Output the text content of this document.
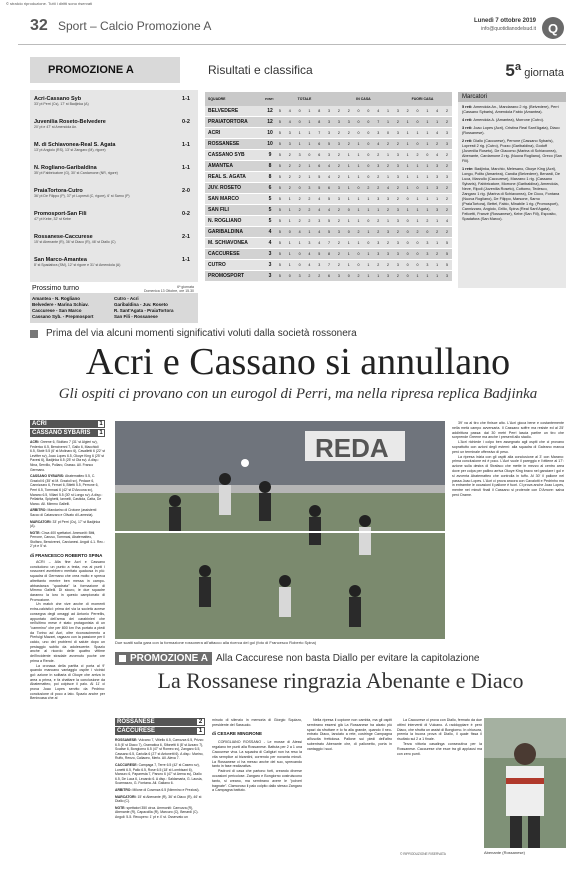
© stralcio riproduzione. Tutti i diritti sono riservati
32 Sport – Calcio Promozione A	Lunedì 7 ottobre 2019
info@quotidianodelsud.it Q
PROMOZIONE A	Risultati e classifica	5ª giornata
Acri-Cassano Syb	1-1
33' pt Perri (Cs), 17' st Badjinka (A)
Juvenilia Roseto-Belvedere	0-2
20' pt e 47' st Amendola An.
M. di Schiavonea-Real S. Agata	1-1
13' pt Angiolo (RS), 13' st Zangaro (M), rigore)
N. Rogliano-Garibaldina	1-1
35' pt Fabbricatore (G), 30' st Cardamone (NR, rigore)
PraiaTortora-Cutro	2-0
36' pt De Filippo (P), 37' pt Lopresti (C, rigore), 6' st Sarno (P)
Promosport-San Fili	0-2
47' pt Kebe, 32' st Kebe
Rossanese-Caccurese	2-1
15' st Abenante (R), 36' st Diaco (R), 46' st Diallo (C)
San Marco-Amantea	1-1
8' st Spadafora (SM), 12' st rigore e 31' st Amendola (A)
Prossimo turno	6ª giornata
Domenica 13 Ottobre, ore 15.30
Amantea - N. Rogliano	Cutro - Acri
Belvedere - Marina Schiav.	Garibaldina - Juv. Roseto
Caccurese - San Marco	R. Sant'Agata - PraiaTortora
Cassano Syb. - Prepmosport	San Fili - Rossanese
SQUADRE	PUNTI	TOTALE	IN CASA	FUORI CASA
BELVEDERE	12	5	4	0	1	8	3	2	2	0	0	4	1	3	2	0	1	4	2
PRAIATORTORA	12	5	4	0	1	8	3	3	3	0	0	7	1	2	1	0	1	1	2
ACRI	10	5	3	1	1	7	3	2	2	0	0	3	0	3	1	1	1	4	3
ROSSANESE	10	5	3	1	1	6	5	3	2	1	0	4	2	2	1	0	1	2	3
CASSANO SYB	9	5	2	3	0	6	3	2	1	1	0	2	1	3	1	2	0	4	2
AMANTEA	8	5	2	2	1	6	4	2	1	1	0	3	2	3	1	1	1	3	2
REAL S. AGATA	8	5	2	2	1	5	4	2	1	1	0	2	1	3	1	1	1	3	3
JUV. ROSETO	6	5	2	0	3	5	6	3	1	0	2	2	4	2	1	0	1	3	2
SAN MARCO	5	5	1	2	2	4	5	3	1	1	1	3	3	2	0	1	1	1	2
SAN FILI	5	5	1	2	2	4	4	2	0	1	1	1	2	3	1	1	1	3	2
N. ROGLIANO	5	5	1	2	2	3	5	2	1	1	0	2	1	3	0	1	2	1	4
GARIBALDINA	4	5	0	4	1	4	5	3	0	2	1	2	3	2	0	2	0	2	2
M. SCHIAVONEA	4	5	1	1	3	4	7	2	1	1	0	3	2	3	0	0	3	1	5
CACCURESE	3	5	1	0	4	5	8	2	1	0	1	3	3	3	0	0	3	2	5
CUTRO	3	5	1	0	4	3	7	2	1	0	1	2	2	3	0	0	3	1	5
PROMOSPORT	3	5	0	3	2	2	6	3	0	2	1	1	3	2	0	1	1	1	3
Marcatori

5 reti: Amendola An., Mandarano 2 rig. (Belvedere), Perri (Cassano Sybaris), Amendola Fabio (Amantea).

4 reti: Amendola A. (Amantea), Morrone (Cutro).

3 reti: Joao Lopes (Acri), Cristina Real Sant'Agata), Diaco (Rossanese).

2 reti: Diallo (Caccurese), Perrone (Cassano Sybaris), Lopresti 2 rig. (Cutro), Pozzo (Garibaldina), Godoff (Juvenilia Roseto), De Giacomo (Marina di Schiavonea), Abenante, Cardamone 2 rig. (Nuova Rogliano), Greco (San Fili).

1 rete: Badjinka, Marchio, Melesano, Okoye King (Acri), Longo, Polito (Amantea), Candia (Belvedere), Benardi, De Luca, Marzullo (Caccurese), Marzano 1 rig. (Cassano Sybaris), Fabbricatore, Morrone (Garibaldina), Amendola, Neve, Ripoli (Juvenilia Roseto), Cottomo, Tedesco, Zangaro 1 rig. (Marina di Schiavonea), De Cicco, Fontana (Nuova Rogliano), De Filippo, Marsone, Sarno (PraiaTortora), Bettel, Fabio, Minabile 1 rig. (Promosport), Cannizzaro, Angiolo, Grillo, Spina (Real Sant'Agata), Felicetti, Franzè (Rossanese), Kebe (San Fili), Esposito, Spadafora (San Marco).

Prima del via alcuni momenti significativi voluti dalla società rossonera
Acri e Cassano si annullano
Gli ospiti ci provano con un eurogol di Perri, ma nella ripresa replica Badjinka
ACRI	1
CASSANO SYBARIS	1
ACRI: Greene 6, Stolfaro 7 (31' st Algieri sv), Federico 6.5, Bencivenni 7, Gallo 6, Macchioli 6.5, Stoté 5.5 (6' st Molinaro 6), Cavalletti 6 (22' st Levifter sv), Joao Lopes 6.5, Okoye King 6 (25' st Pavesi 6), Badjinka 6.5 (25' st Ola sv). A disp.: Nina, Servillo, Pollaro, Grasso. All. Franco Germano.
CASSANO SYBARIS: Abatematteo 5.5, C. Grazioli 6 (35' st M. Grazioli sv), Pedace 6, Cannizzaro 6, Ferrari 6, Bitetti 5.5, Perrone 6, Perri 6.5, Tommasi 6 (42' st D'Ancona sv), Marano 6.5, Villani 5.5 (30' st Longo sv). A disp.: Pellatrita, Spighetti, Iannelli, Castiola, Catta, De Marco. All. Mimmo Gallelli.
ARBITRO: Mandarino di Crotone (assistenti Sacco di Catanzaro e Olivato di Lamezia).
MARCATORI: 33' pt Perri (Cs), 17' st Badjinka (A).
NOTE: Circa 400 spettatori. Ammoniti: Bitti, Perrone, Caruso, Tommasi, Abatematteo, Stolfaro, Bencivenni, Carcianesi. Angoli 4-1. Rec.: 2' pt e 5' st.
di FRANCESCO ROBERTO SPINA

ACRI – Alla fine Acri e Cassano concludono un punto a testa, ma ai punti i rossoneri avrebbero meritato qualcosa in più: squadra di Germano che crea molto e spreca altrettanto mentre ben messa in campo-abbastanza "quadrata" la formazione di Mimmo Gallelli. Di sicuro, le due squadre daranno la loro in questo campionato di Promozione.

Un match che vive anche di momenti extra-calcistici: prima del via la società acrese consegna degli omaggi ad Antonio Perrellis, appuntato dell'arma dei carabinieri che nell'ultimo mese è stato protagonista di un "cammino" che per 800 km l'ha portato a piedi da Torino ad Acri, oltre riconoscimento a Pierluigi Mazzei, ragazzo con la passione per il calcio, uno dei problemi di salute dopo un pestaggio subito da adolescente. Spazio anche al ricordo delle quattro vittime dell'incidente stradale avvenuto poche ore prima a Rende.

La cronaca della partita ci porta al 9' quando mancano vantaggio ospite i vicinici gol: azione in solitaria di Okoye che arriva in area a prima, e fa chattare la conclusione da Abatematteo, poi colpisce il palo. Al 11' ci prova Joao Lopes servito da Pedrino: conclusione di poco a lato. Spazio anche per Benincasa che al

REDA
Due scatti sulla gara con la formazione rossonera all'attacco alla ricerca del gol (foto di Francesco Roberto Spina)

39' va al tiro che finisce alto. L'Acri gioca bene e costantemente nella metà campo avversaria. Il Cassano soffre ma resiste ed al 25' addirittura passa: dai 30 metri Perri lascia partire un tiro che sorprende Greene ma anche i presenti allo stadio.

L'Acri richiede i colpo ben assegnato agli ospiti che ci provano soprattutto con azioni degli esterni: alla squadra di Galeano manca però un terminale offensivo di peso.

La ripresa inizia con gli ospiti alla conclusione al 3' con Marano: prima conclusione ed è poco. L'Acri vuole il pareggio e l'ottiene al 17': azione sulla destra di Strafaco che mette in mezzo al centro area dove per colpa per pallino arriva Okoye King bravo nel ganciare i gol e si avventa Abatematteo che controlla in tuffo. Al 30' il pallone nel passa Joao Lopes. L'Acri ci prova ancora con Cavalotti e Pedrinho ma in entrambe le occasioni il pallone è fuori. Ci prova anche Joao Lopes, mentre nei minuti finali il Cassano si protende con D'Amore: salva però Drame.

PROMOZIONE A Alla Caccurese non basta Diallo per evitare la capitolazione
La Rossanese ringrazia Abenante e Diaco
ROSSANESE	2
CACCURESE	1
ROSSANESE: Vulcano 7, Vitiello 6.5, Carrozza 6.5, Prizzo 6.5 (6' st Diaco 7), Gramatica 6, Sifonetti 6 (8' st Azzaro 7), Scalise 6, Bongiorno 6.5 (47' st Romeo sv), Zangaro 6.5, Cassano 6.5, Cariolla 6 (27' st Antonetti 6). A disp.: Marino, Ruffo, Renzo, Caliaceo, Merlo. All. Aleva 7.
CACCURESE: Campaga 7, Terre 6.5 (42' st Casero sv), Lonetti 6.5, Pallo 6.5, Rose 6.5 (18' st Lombisani 6), Marcuro 6, Paparesta 7, Pancro 6 (47' st Arena sv), Diallo 6.5, De Luca 6, Leoardo 6. A disp.: Saldamaria, G. Lausia, Scarmazzo, G. Fontana. All. Galiano 6.
ARBITRO: Milone di Cosenza 6.5 (Nimmino e Preziosi).
MARCATORI: 15' st Abenante (R), 36' st Diaco (R), 46' st Diallo (C).
NOTE: spettatori 350 circa. Ammoniti: Carrozza (R), Abenante (R), Capaccilla (R), Marcuro (C), Benardi (C). Angoli: 5-5. Recupero: 1' pt e 4' st. Osservato un
minuto di silenzio in memoria di Giorgio Squizzo, presidente del Sassuolo.
di CESARE MINGRONE

CORIGLIANO ROSSANO - Le mosse di Alessi regalano tre punti alla Rossanese. Battuta per 2 a 1 una Caccurese viva. La squadra di Caligiuri non ha reso la vita semplice ai bizantini, correndo per novanta minuti. La Rossanese ci ha messo anche del suo, sprecando tanto in fase realizzativa.

Padroni di casa che partono forti, creando diverse occasioni pericolose. Zangaro e Bongiorno costruiscono tanto, si creano, ma sembrano avere le "polveri bagnate". Clamoroso il palo colpito dallo stesso Zangaro a Campagna battuto.

Nella ripresa il copione non cambia, ma gli ospiti sembrano essersi già La Rossanese ha alzato più spazi da sfruttare e lo fa alla grande, quando il neo-entrato Diaco, lanciato a rete, costringe Campagna all'uscita frettolosa. Pallone sui piedi dell'altro subentrato Abenante che, di pallonetto, porta in vantaggio i suoi.

La Caccurese ci prova con Diallo, fermato da due ottimi interventi di Vulcano. A raddoppiare è però Diaco, che sfrutta un assist di Bongiorno. In chiusura, premia la buona prova di Diallo, il quale fissa il risultato sul 2 a 1 finale.

Terza vittoria casalinga consecutiva per la Rossanese. Caccurese che esce tra gli applausi ma con zero punti.

Abenante (Rossanese)
© RIPRODUZIONE RISERVATA
